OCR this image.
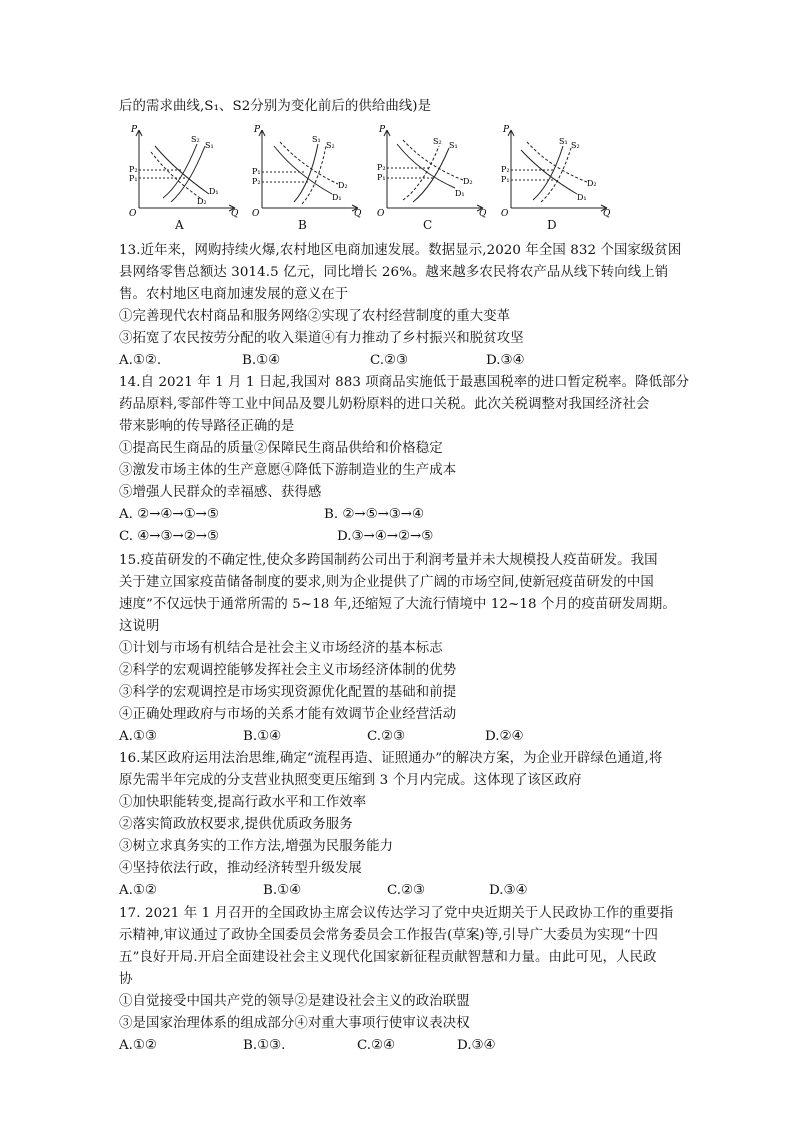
后的需求曲线,S₁、S2分别为变化前后的供给曲线)是
P
P₂
P₁
S₂
S₁
D₂
D₁
O	Q
A
P
P₁
P₂
S₁
S₂
D₁
D₂
O	Q
B
P
P₂
P₁
S₂ S₁
D₂
D₁
O	Q
C
P
P₂
P₁
S₁ S₂
D₂
D₁
O	Q
D
13.近年来，网购持续火爆,农村地区电商加速发展。数据显示,2020 年全国 832 个国家级贫困
县网络零售总额达 3014.5 亿元，同比增长 26%。越来越多农民将农产品从线下转向线上销
售。农村地区电商加速发展的意义在于
①完善现代农村商品和服务网络②实现了农村经营制度的重大变革
③拓宽了农民按劳分配的收入渠道④有力推动了乡村振兴和脱贫攻坚
A.①②.	B.①④	C.②③	D.③④
14.自 2021 年 1 月 1 日起,我国对 883 项商品实施低于最惠国税率的进口暂定税率。降低部分
药品原料,零部件等工业中间品及婴儿奶粉原料的进口关税。此次关税调整对我国经济社会
带来影响的传导路径正确的是
①提高民生商品的质量②保障民生商品供给和价格稳定
③激发市场主体的生产意愿④降低下游制造业的生产成本
⑤增强人民群众的幸福感、获得感
A. ②→④→①→⑤	B. ②→⑤→③→④
C. ④→③→②→⑤	D.③→④→②→⑤
15.疫苗研发的不确定性,使众多跨国制药公司出于利润考量并未大规模投人疫苗研发。我国
关于建立国家疫苗储备制度的要求,则为企业提供了广阔的市场空间,使新冠疫苗研发的中国
速度”不仅远快于通常所需的 5~18 年,还缩短了大流行情境中 12~18 个月的疫苗研发周期。
这说明
①计划与市场有机结合是社会主义市场经济的基本标志
②科学的宏观调控能够发挥社会主义市场经济体制的优势
③科学的宏观调控是市场实现资源优化配置的基础和前提
④正确处理政府与市场的关系才能有效调节企业经营活动
A.①③	B.①④	C.②③	D.②④
16.某区政府运用法治思维,确定“流程再造、证照通办”的解决方案，为企业开辟绿色通道,将
原先需半年完成的分支营业执照变更压缩到 3 个月内完成。这体现了该区政府
①加快职能转变,提高行政水平和工作效率
②落实简政放权要求,提供优质政务服务
③树立求真务实的工作方法,增强为民服务能力
④坚持依法行政，推动经济转型升级发展
A.①②	B.①④	C.②③	D.③④
17. 2021 年 1 月召开的全国政协主席会议传达学习了党中央近期关于人民政协工作的重要指
示精神,审议通过了政协全国委员会常务委员会工作报告(草案)等,引导广大委员为实现“十四
五”良好开局.开启全面建设社会主义现代化国家新征程贡献智慧和力量。由此可见，人民政
协
①自觉接受中国共产党的领导②是建设社会主义的政治联盟
③是国家治理体系的组成部分④对重大事项行使审议表决权
A.①②	B.①③.	C.②④	D.③④
